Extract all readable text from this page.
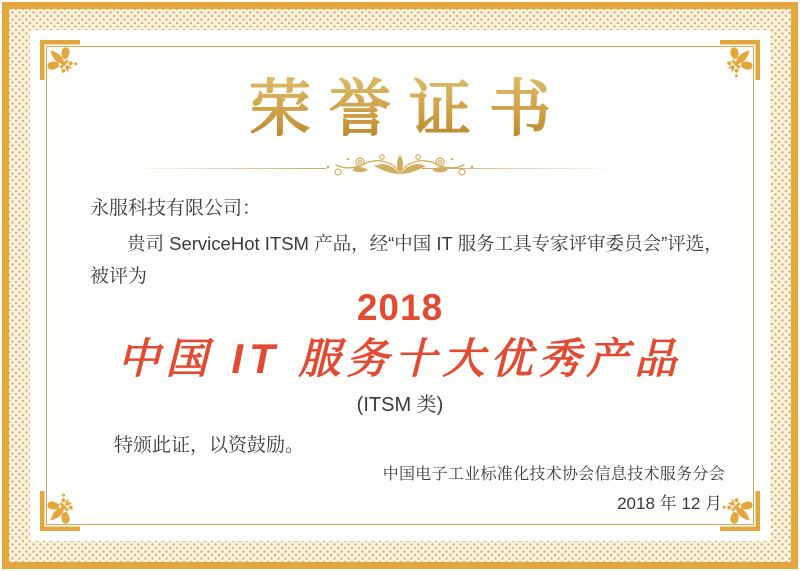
荣誉证书

永服科技有限公司：

贵司 ServiceHot ITSM 产品，经“中国 IT 服务工具专家评审委员会”评选，

被评为

2018
中国 IT 服务十大优秀产品
(ITSM 类)

特颁此证，以资鼓励。

中国电子工业标准化技术协会信息技术服务分会

2018 年 12 月
